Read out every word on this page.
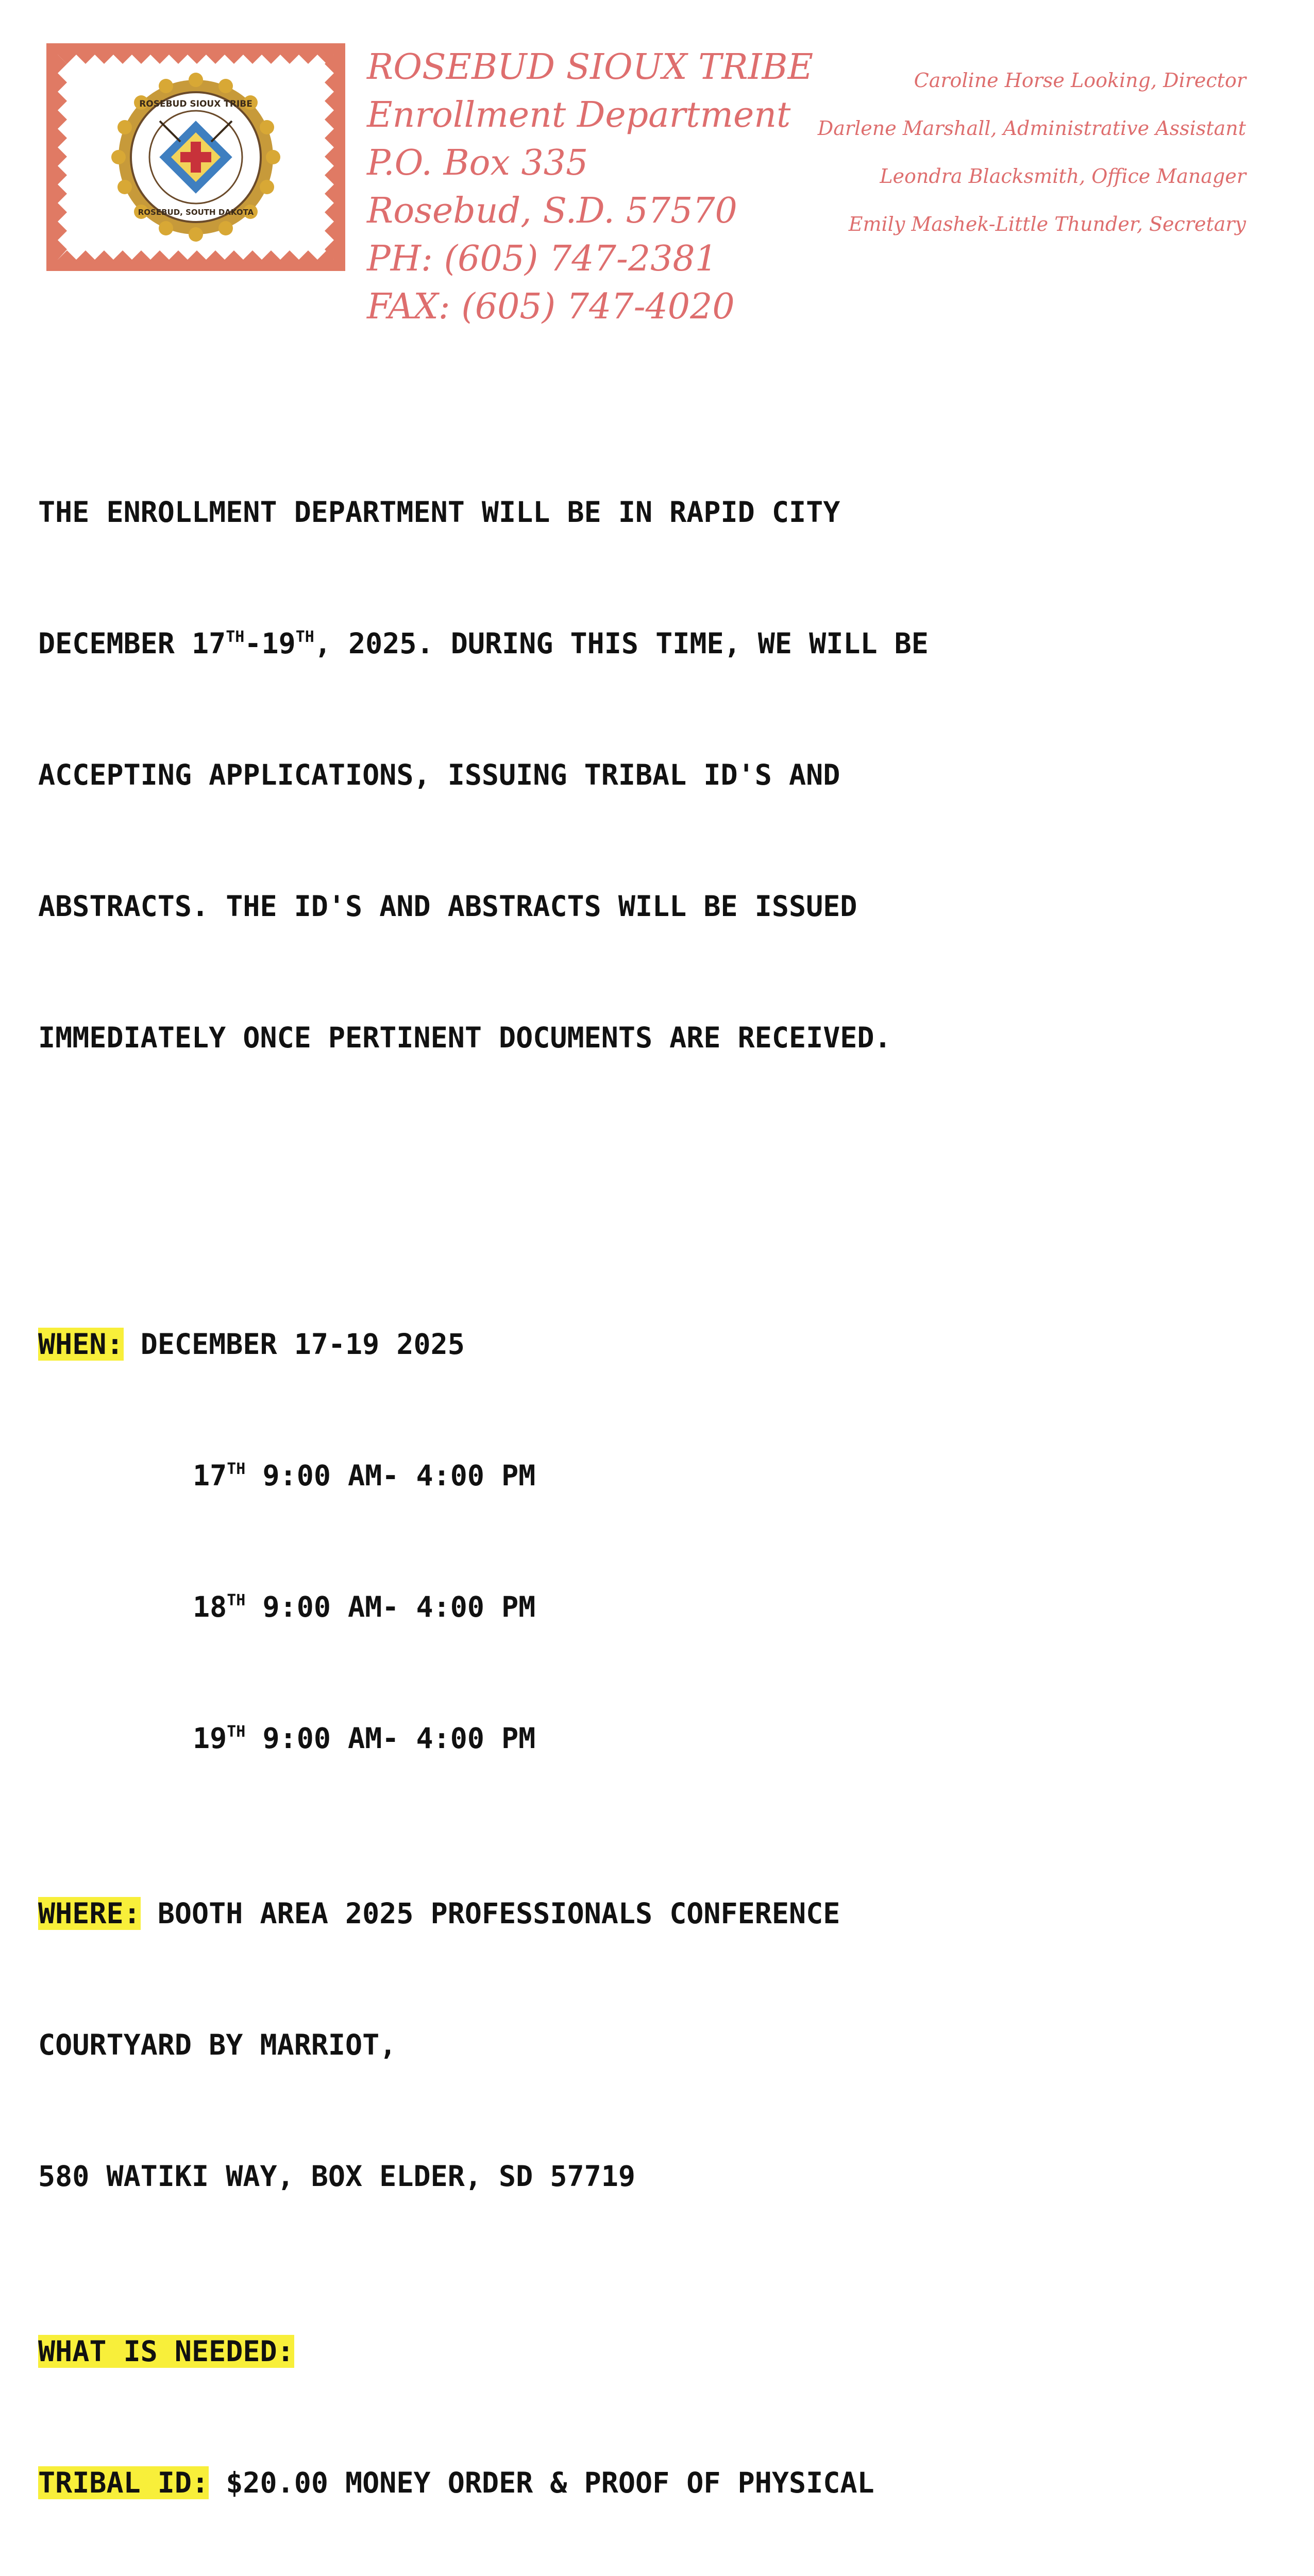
ROSEBUD SIOUX TRIBE
ROSEBUD, SOUTH DAKOTA
ROSEBUD SIOUX TRIBE
Enrollment Department
P.O. Box 335
Rosebud, S.D. 57570
PH: (605) 747-2381
FAX: (605) 747-4020
Caroline Horse Looking, Director
Darlene Marshall, Administrative Assistant
Leondra Blacksmith, Office Manager
Emily Mashek-Little Thunder, Secretary

THE ENROLLMENT DEPARTMENT WILL BE IN RAPID CITY

DECEMBER 17TH-19TH, 2025. DURING THIS TIME, WE WILL BE

ACCEPTING APPLICATIONS, ISSUING TRIBAL ID'S AND

ABSTRACTS. THE ID'S AND ABSTRACTS WILL BE ISSUED

IMMEDIATELY ONCE PERTINENT DOCUMENTS ARE RECEIVED.

WHEN: DECEMBER 17-19 2025

17TH 9:00 AM- 4:00 PM

18TH 9:00 AM- 4:00 PM

19TH 9:00 AM- 4:00 PM

WHERE: BOOTH AREA 2025 PROFESSIONALS CONFERENCE

COURTYARD BY MARRIOT,

580 WATIKI WAY, BOX ELDER, SD 57719

WHAT IS NEEDED:

TRIBAL ID: $20.00 MONEY ORDER & PROOF OF PHYSICAL
